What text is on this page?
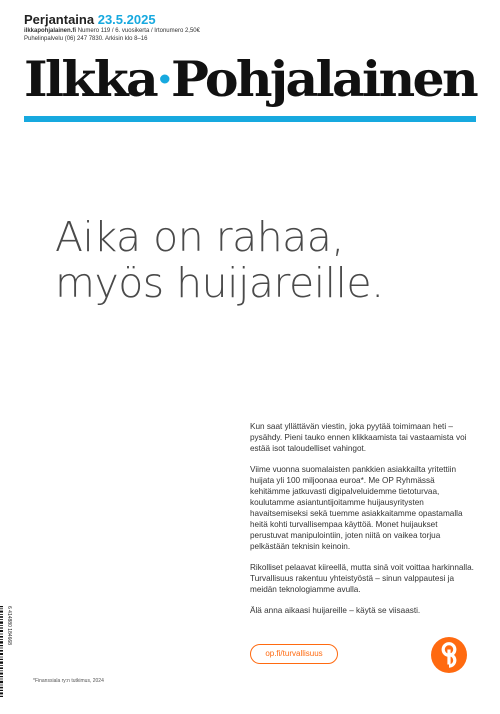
Perjantaina 23.5.2025
ilkkapohjalainen.fi Numero 119 / 6. vuosikerta / Irtonumero 2,50€
Puhelinpalvelu (06) 247 7830. Arkisin klo 8–16
Ilkka·Pohjalainen
Aika on rahaa,
myös huijareille.

Kun saat yllättävän viestin, joka pyytää toimimaan heti – pysähdy. Pieni tauko ennen klikkaamista tai vastaamista voi estää isot taloudelliset vahingot.

Viime vuonna suomalaisten pankkien asiakkailta yritettiin huijata yli 100 miljoonaa euroa*. Me OP Ryhmässä kehitämme jatkuvasti digipalveluidemme tietoturvaa, koulutamme asiantuntijoitamme huijausyritysten havaitsemiseksi sekä tuemme asiakkaitamme opastamalla heitä kohti turvallisempaa käyttöä. Monet huijaukset perustuvat manipulointiin, joten niitä on vaikea torjua pelkästään teknisin keinoin.

Rikolliset pelaavat kiireellä, mutta sinä voit voittaa harkinnalla. Turvallisuus rakentuu yhteistyöstä – sinun valppautesi ja meidän teknologiamme avulla.

Älä anna aikaasi huijareille – käytä se viisaasti.

op.fi/turvallisuus
*Finanssiala ry:n tutkimus, 2024
6 414880 184668
